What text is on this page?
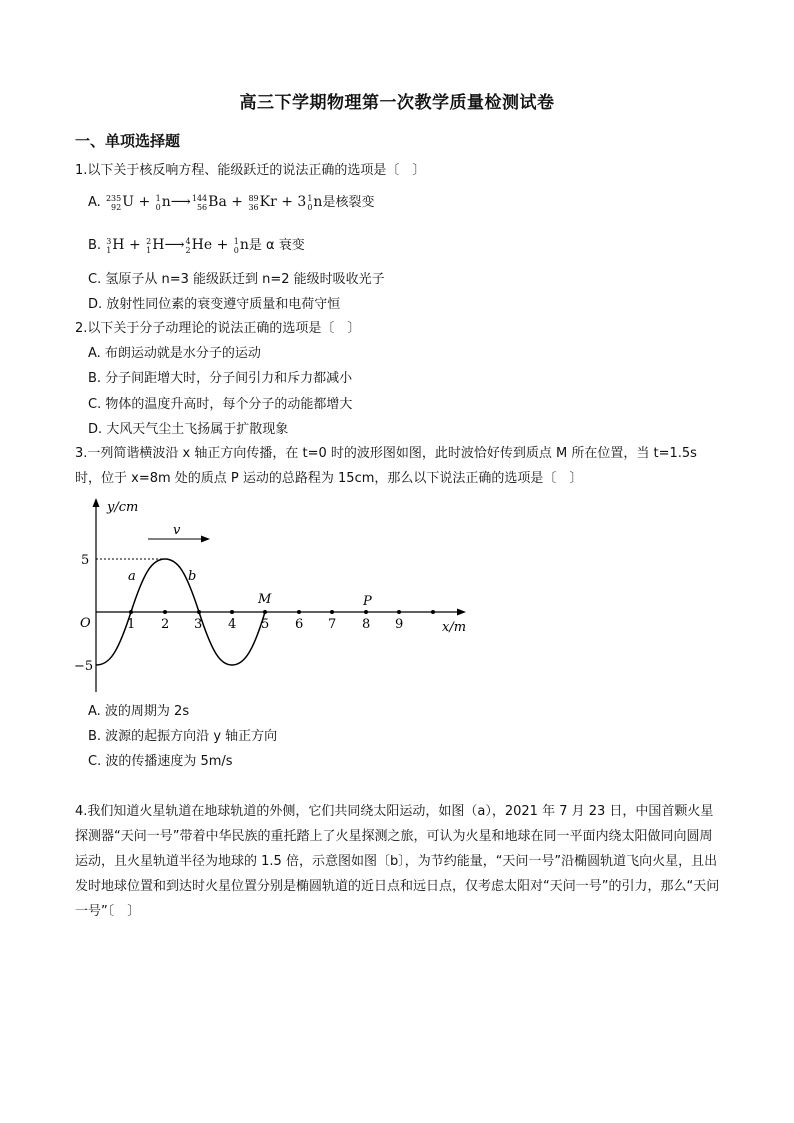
高三下学期物理第一次教学质量检测试卷
一、单项选择题
1.以下关于核反响方程、能级跃迁的说法正确的选项是〔　〕
A. 235
92 U + 1
0 n⟶ 144
56 Ba + 89
36 Kr + 3 1
0 n是核裂变
B. 3
1 H + 2
1 H⟶ 4
2 He + 1
0 n是 α 衰变
C. 氢原子从 n=3 能级跃迁到 n=2 能级时吸收光子
D. 放射性同位素的衰变遵守质量和电荷守恒
2.以下关于分子动理论的说法正确的选项是〔　〕
A. 布朗运动就是水分子的运动
B. 分子间距增大时，分子间引力和斥力都减小
C. 物体的温度升高时，每个分子的动能都增大
D. 大风天气尘土飞扬属于扩散现象
3.一列简谐横波沿 x 轴正方向传播，在 t=0 时的波形图如图，此时波恰好传到质点 M 所在位置，当 t=1.5s
时，位于 x=8m 处的质点 P 运动的总路程为 15cm，那么以下说法正确的选项是〔　〕
y/cm
x/m
O
5
−5
v
a	b
M	P
1 2 3 4 5 6 7 8 9
A. 波的周期为 2s
B. 波源的起振方向沿 y 轴正方向
C. 波的传播速度为 5m/s
4.我们知道火星轨道在地球轨道的外侧，它们共同绕太阳运动，如图（a），2021 年 7 月 23 日，中国首颗火星探测器“天问一号”带着中华民族的重托踏上了火星探测之旅，可认为火星和地球在同一平面内绕太阳做同向圆周运动，且火星轨道半径为地球的 1.5 倍，示意图如图〔b〕，为节约能量，“天问一号”沿椭圆轨道飞向火星，且出发时地球位置和到达时火星位置分别是椭圆轨道的近日点和远日点，仅考虑太阳对“天问一号”的引力，那么“天问一号”〔　〕
